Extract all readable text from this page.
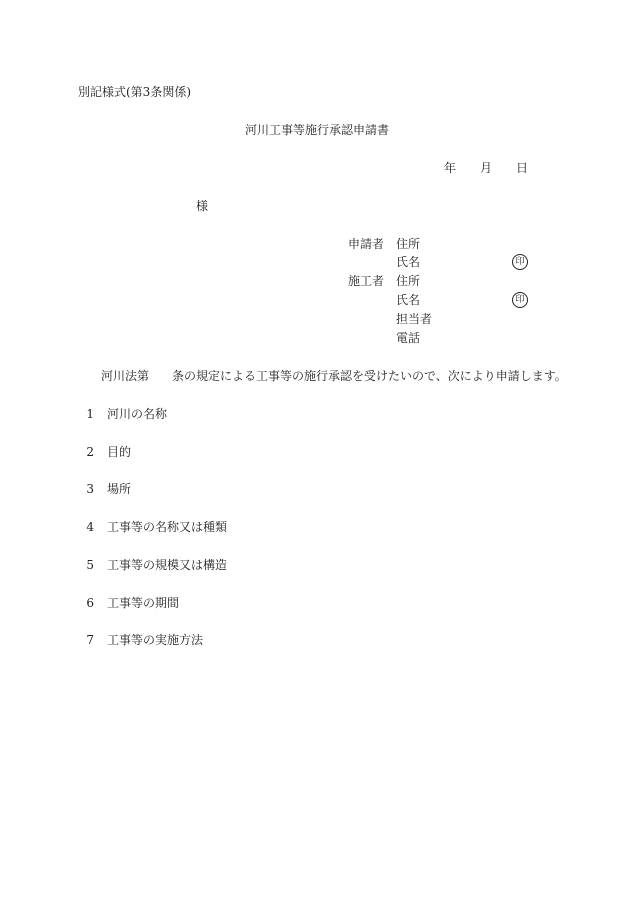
別記様式(第3条関係)
河川工事等施行承認申請書
年 月 日
様
申請者 住所
氏名	印
施工者 住所
氏名	印
担当者
電話
河川法第 条の規定による工事等の施行承認を受けたいので、次により申請します。
1 河川の名称
2 目的
3 場所
4 工事等の名称又は種類
5 工事等の規模又は構造
6 工事等の期間
7 工事等の実施方法
